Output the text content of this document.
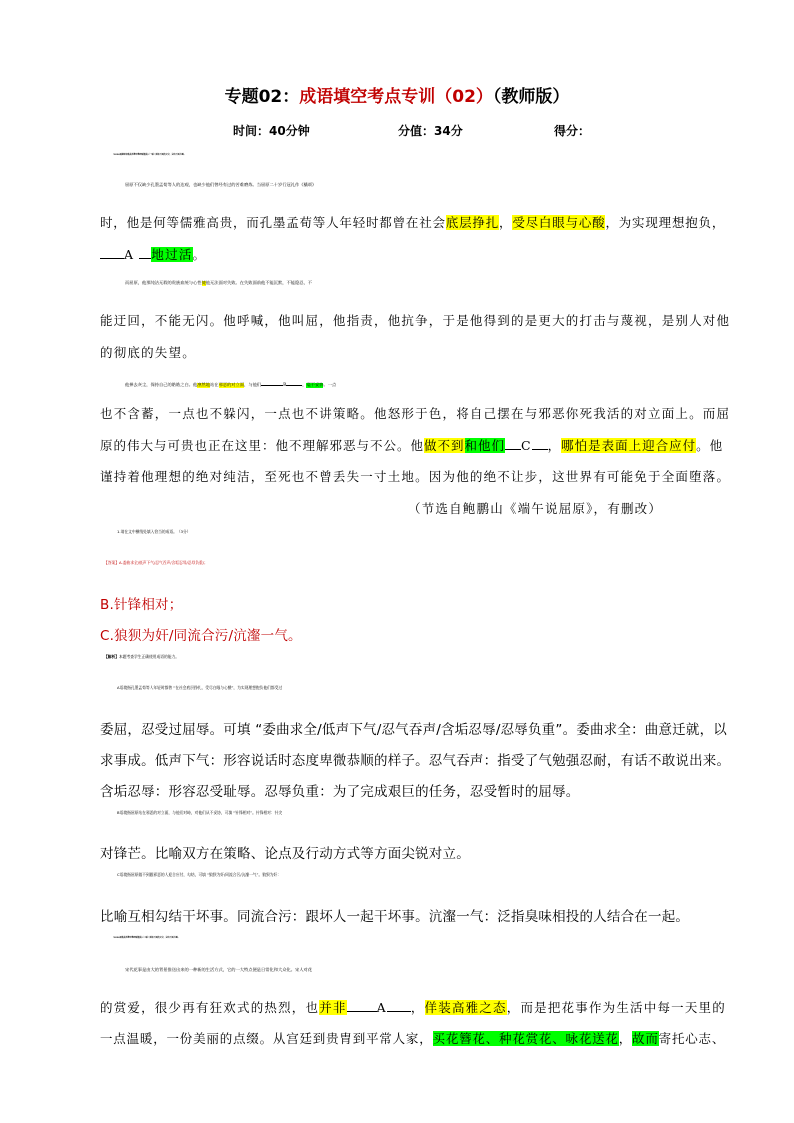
专题02：成语填空考点专训（02）（教师版）
时间：40分钟	分值：34分	得分：
（2024届湖南省新高考教学教研联盟高三一联）阅读下面的文字，完成下面小题。
屈原不仅缺少孔墨孟荀等人的达观，也缺少他们曾经有过的苦难磨炼。当屈原二十岁行冠礼作《橘颂》
时，他是何等儒雅高贵，而孔墨孟荀等人年轻时都曾在社会底层挣扎，受尽白眼与心酸，为实现理想抱负，
A 地过活。
而屈原，他那纯洁无瑕的贵族血统与心性使他无法面对失败。在失败面前他不能沉默，不能隐忍，不
能迂回，不能无闪。他呼喊，他叫屈，他指责，他抗争，于是他得到的是更大的打击与蔑视，是别人对他
的彻底的失望。
他掸去灰尘，保持自己的皓皓之白。他凛然地站在邪恶的对立面，与他们	B	，毫不妥协。一点
也不含蓄，一点也不躲闪，一点也不讲策略。他怒形于色，将自己摆在与邪恶你死我活的对立面上。而屈
原的伟大与可贵也正在这里：他不理解邪恶与不公。他做不到和他们 C ，哪怕是表面上迎合应付。他
谨持着他理想的绝对纯洁，至死也不曾丢失一寸土地。因为他的绝不让步，这世界有可能免于全面堕落。
（节选自鲍鹏山《端午说屈原》，有删改）
1.请在文中横线处填入恰当的成语。（3分）
【答案】A.委曲求全/低声下气/忍气吞声/含垢忍辱/忍辱负重/；
B.针锋相对；
C.狼狈为奸/同流合污/沆瀣一气。
【解析】本题考查学生正确使用成语的能力。
A语境指孔墨孟荀等人年轻时都曾 “在社会底层挣扎，受尽白眼与心酸”，为实现理想抱负他们都受过
委屈，忍受过屈辱。可填 “委曲求全/低声下气/忍气吞声/含垢忍辱/忍辱负重”。委曲求全：曲意迁就，以
求事成。低声下气：形容说话时态度卑微恭顺的样子。忍气吞声：指受了气勉强忍耐，有话不敢说出来。
含垢忍辱：形容忍受耻辱。忍辱负重：为了完成艰巨的任务，忍受暂时的屈辱。
B语境指屈原站在邪恶的对立面，与他们对峙，对他们从不妥协，可填 “针锋相对”。针锋相对：针尖
对锋芒。比喻双方在策略、论点及行动方式等方面尖锐对立。
C语境指屈原做不到跟邪恶的人迎合应付，勾结，可填 “狼狈为奸/同流合污/沆瀣一气”。狼狈为奸：
比喻互相勾结干坏事。同流合污：跟坏人一起干坏事。沆瀣一气：泛指臭味相投的人结合在一起。
（2024届新高考教学教研联盟高三二联）阅读下面的文字，完成下面小题。
宋代花事是由大的背景推送出来的一种新的生活方式，它的一大特点便是日常化和大众化。宋人对花
的赏爱，很少再有狂欢式的热烈，也并非 A ，佯装高雅之态，而是把花事作为生活中每一天里的
一点温暖，一份美丽的点缀。从宫廷到贵胄到平常人家，买花簪花、种花赏花、咏花送花，故而寄托心志、
